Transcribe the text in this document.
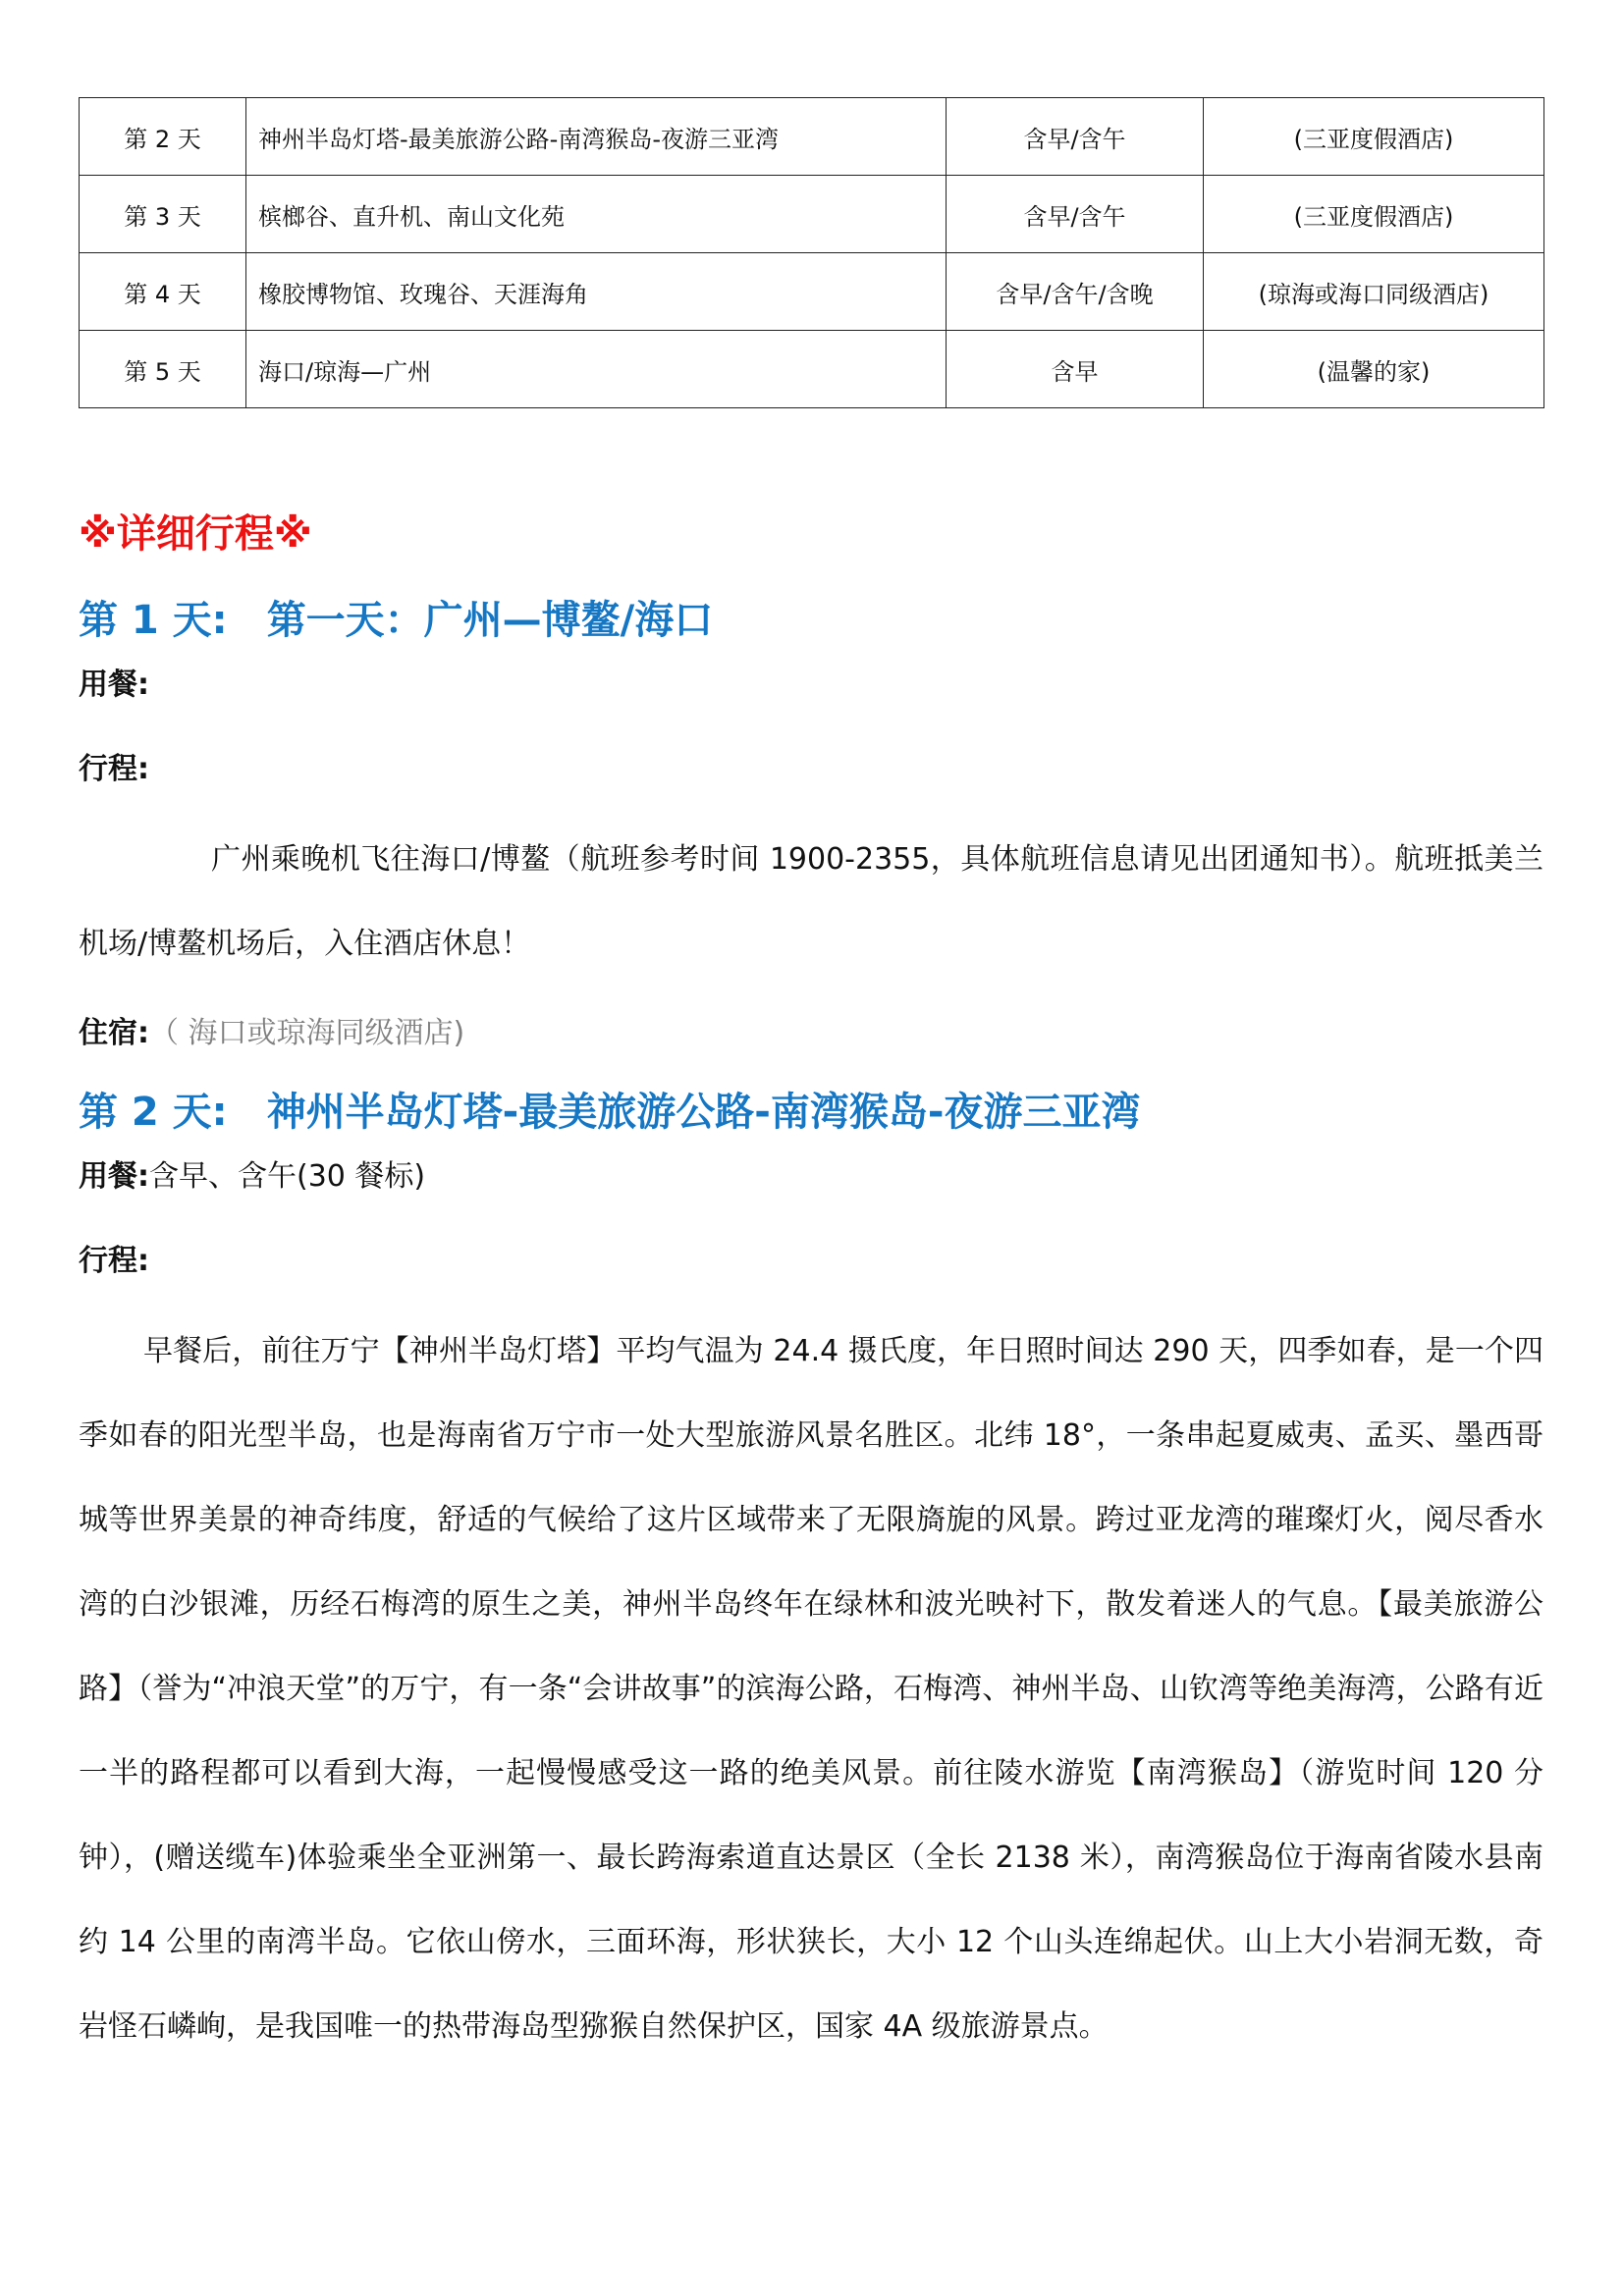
第 2 天	神州半岛灯塔-最美旅游公路-南湾猴岛-夜游三亚湾	含早/含午	(三亚度假酒店)
第 3 天	槟榔谷、直升机、南山文化苑	含早/含午	(三亚度假酒店)
第 4 天	橡胶博物馆、玫瑰谷、天涯海角	含早/含午/含晚	(琼海或海口同级酒店)
第 5 天	海口/琼海—广州	含早	(温馨的家)
※详细行程※
第 1 天: 第一天：广州—博鳌/海口
用餐:
行程:

广州乘晚机飞往海口/博鳌（航班参考时间 1900-2355，具体航班信息请见出团通知书）。航班抵美兰机场/博鳌机场后，入住酒店休息！

住宿:（ 海口或琼海同级酒店)
第 2 天: 神州半岛灯塔-最美旅游公路-南湾猴岛-夜游三亚湾
用餐:含早、含午(30 餐标)
行程:

早餐后，前往万宁【神州半岛灯塔】平均气温为 24.4 摄氏度，年日照时间达 290 天，四季如春，是一个四季如春的阳光型半岛，也是海南省万宁市一处大型旅游风景名胜区。北纬 18°，一条串起夏威夷、孟买、墨西哥城等世界美景的神奇纬度，舒适的气候给了这片区域带来了无限旖旎的风景。跨过亚龙湾的璀璨灯火，阅尽香水湾的白沙银滩，历经石梅湾的原生之美，神州半岛终年在绿林和波光映衬下，散发着迷人的气息。【最美旅游公路】（誉为“冲浪天堂”的万宁，有一条“会讲故事”的滨海公路，石梅湾、神州半岛、山钦湾等绝美海湾，公路有近一半的路程都可以看到大海，一起慢慢感受这一路的绝美风景。前往陵水游览【南湾猴岛】（游览时间 120 分钟），(赠送缆车)体验乘坐全亚洲第一、最长跨海索道直达景区（全长 2138 米），南湾猴岛位于海南省陵水县南约 14 公里的南湾半岛。它依山傍水，三面环海，形状狭长，大小 12 个山头连绵起伏。山上大小岩洞无数，奇岩怪石嶙峋，是我国唯一的热带海岛型猕猴自然保护区，国家 4A 级旅游景点。
